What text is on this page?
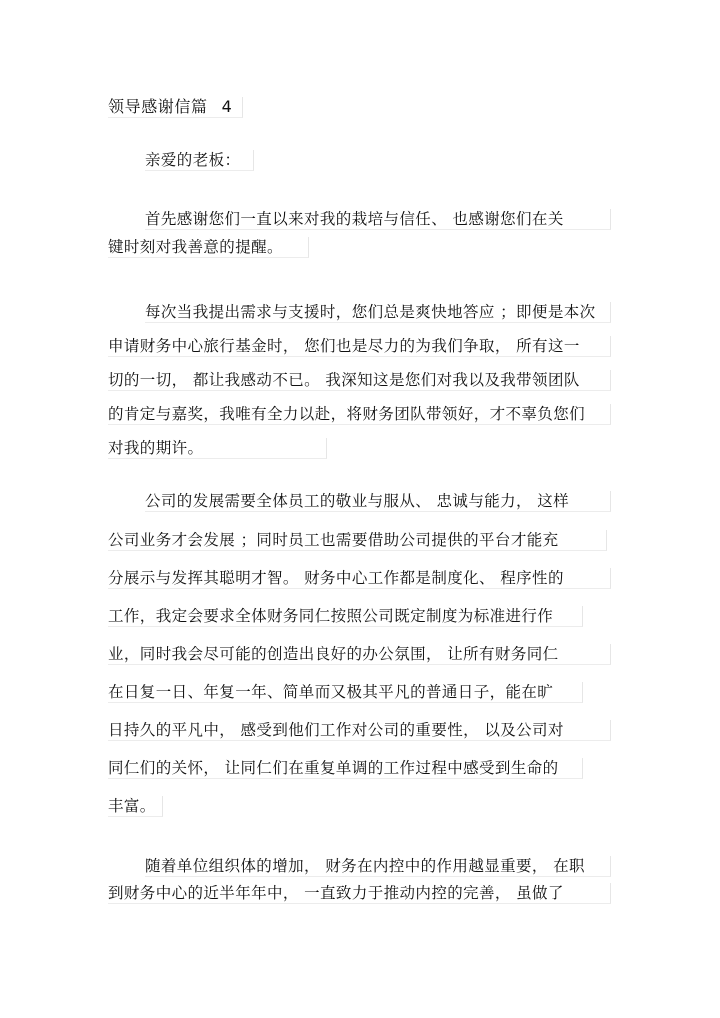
领导感谢信篇 4
亲爱的老板：
首先感谢您们一直以来对我的栽培与信任、 也感谢您们在关
键时刻对我善意的提醒。
每次当我提出需求与支援时，您们总是爽快地答应 ；即便是本次
申请财务中心旅行基金时， 您们也是尽力的为我们争取， 所有这一
切的一切， 都让我感动不已。 我深知这是您们对我以及我带领团队
的肯定与嘉奖，我唯有全力以赴，将财务团队带领好，才不辜负您们
对我的期许。
公司的发展需要全体员工的敬业与服从、 忠诚与能力， 这样
公司业务才会发展 ；同时员工也需要借助公司提供的平台才能充
分展示与发挥其聪明才智。 财务中心工作都是制度化、 程序性的
工作，我定会要求全体财务同仁按照公司既定制度为标准进行作
业，同时我会尽可能的创造出良好的办公氛围， 让所有财务同仁
在日复一日、年复一年、简单而又极其平凡的普通日子，能在旷
日持久的平凡中， 感受到他们工作对公司的重要性， 以及公司对
同仁们的关怀， 让同仁们在重复单调的工作过程中感受到生命的
丰富。
随着单位组织体的增加， 财务在内控中的作用越显重要， 在职
到财务中心的近半年年中， 一直致力于推动内控的完善， 虽做了
